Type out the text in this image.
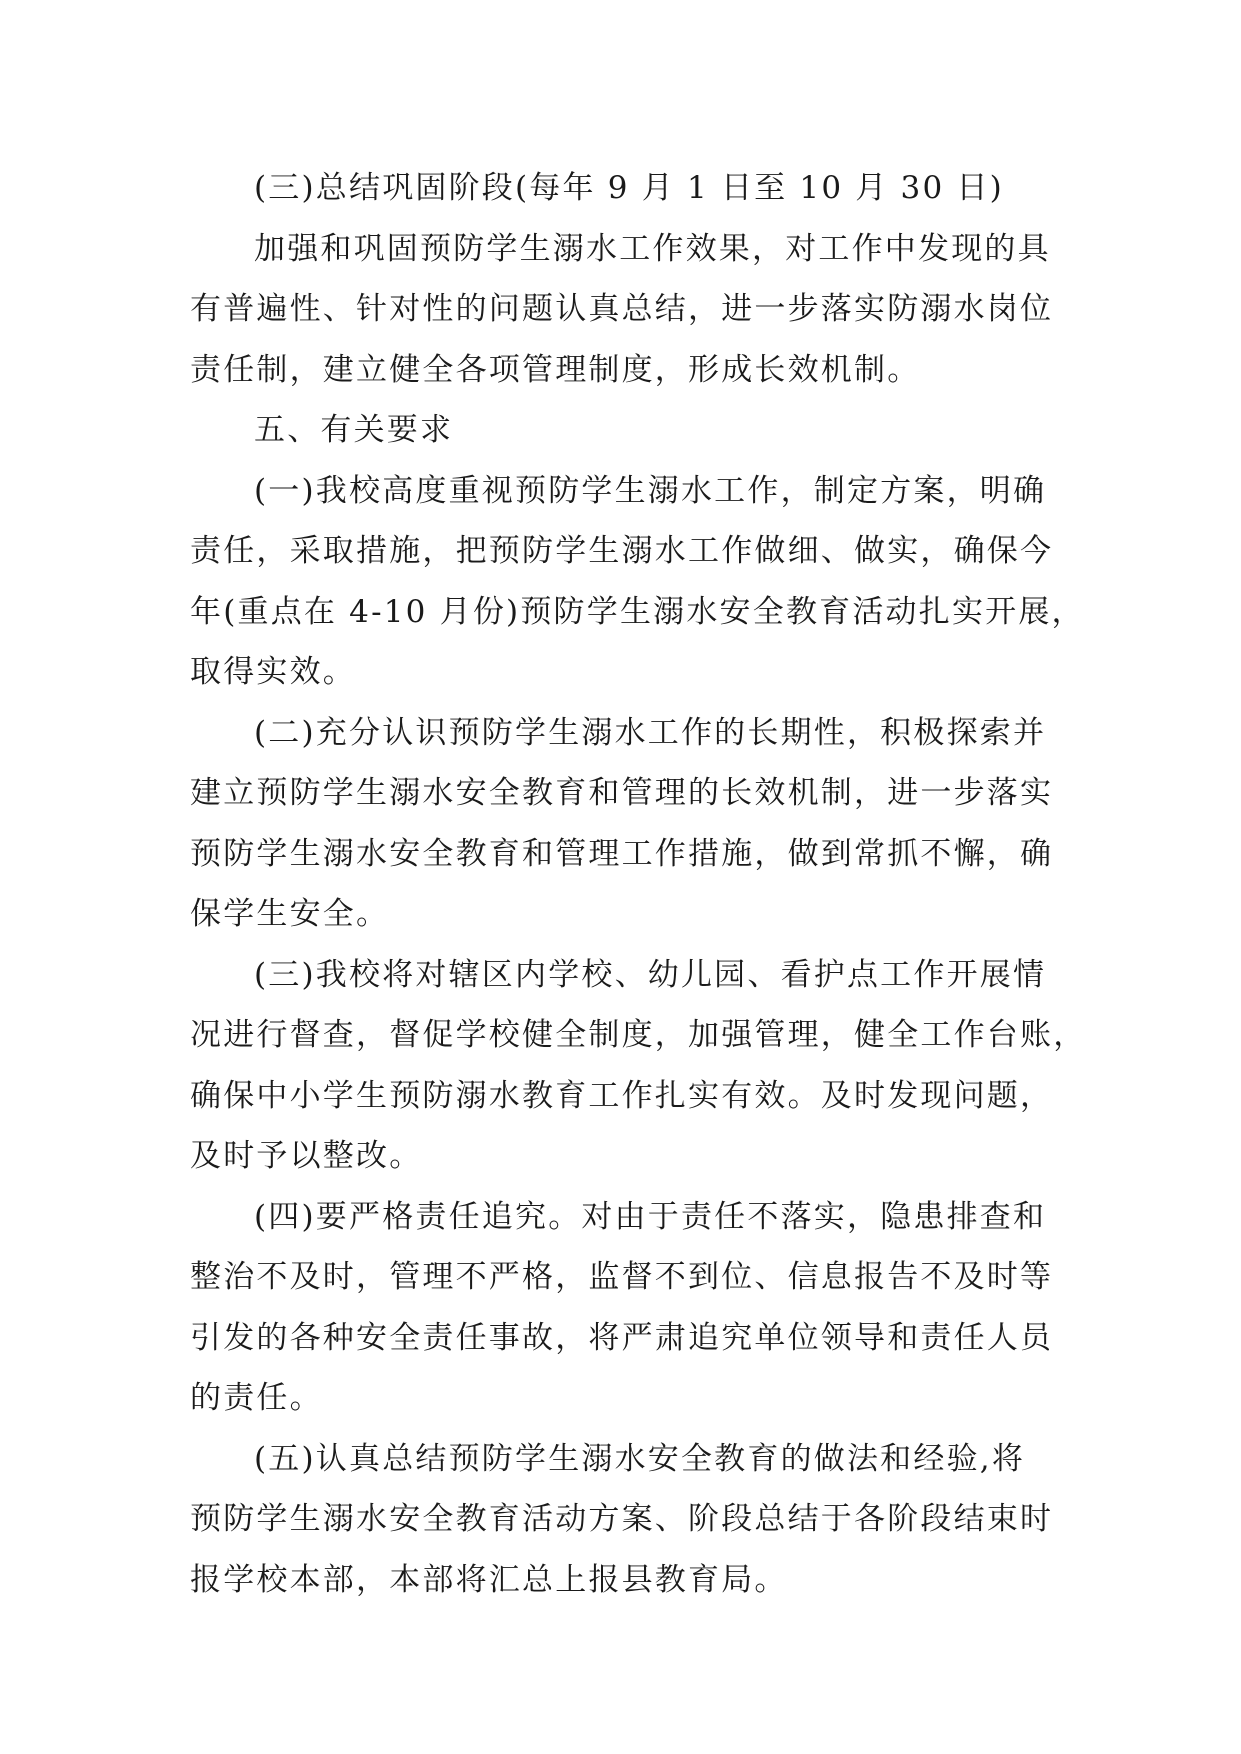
(三)总结巩固阶段(每年 9 月 1 日至 10 月 30 日)
加强和巩固预防学生溺水工作效果，对工作中发现的具
有普遍性、针对性的问题认真总结，进一步落实防溺水岗位
责任制，建立健全各项管理制度，形成长效机制。
五、有关要求
(一)我校高度重视预防学生溺水工作，制定方案，明确
责任，采取措施，把预防学生溺水工作做细、做实，确保今
年(重点在 4-10 月份)预防学生溺水安全教育活动扎实开展，
取得实效。
(二)充分认识预防学生溺水工作的长期性，积极探索并
建立预防学生溺水安全教育和管理的长效机制，进一步落实
预防学生溺水安全教育和管理工作措施，做到常抓不懈，确
保学生安全。
(三)我校将对辖区内学校、幼儿园、看护点工作开展情
况进行督查，督促学校健全制度，加强管理，健全工作台账，
确保中小学生预防溺水教育工作扎实有效。及时发现问题，
及时予以整改。
(四)要严格责任追究。对由于责任不落实，隐患排查和
整治不及时，管理不严格，监督不到位、信息报告不及时等
引发的各种安全责任事故，将严肃追究单位领导和责任人员
的责任。
(五)认真总结预防学生溺水安全教育的做法和经验,将
预防学生溺水安全教育活动方案、阶段总结于各阶段结束时
报学校本部，本部将汇总上报县教育局。
